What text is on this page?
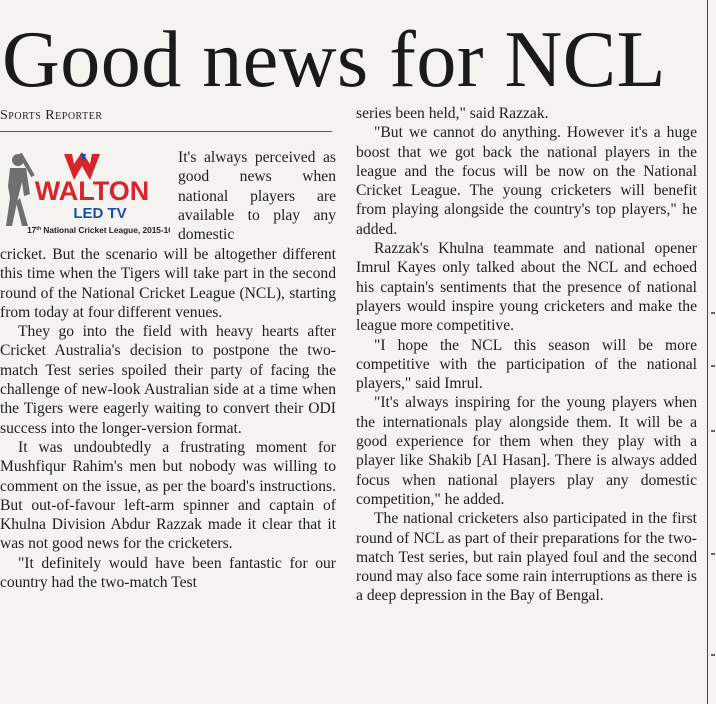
Good news for NCL
Sports Reporter
WALTON
LED TV
17th National Cricket League, 2015-16

It's always perceived as good news when national players are available to play any domestic

cricket. But the scenario will be altogether different this time when the Tigers will take part in the second round of the National Cricket League (NCL), starting from today at four different venues.

They go into the field with heavy hearts after Cricket Australia's decision to postpone the two-match Test series spoiled their party of facing the challenge of new-look Australian side at a time when the Tigers were eagerly waiting to convert their ODI success into the longer-version format.

It was undoubtedly a frustrating moment for Mushfiqur Rahim's men but nobody was willing to comment on the issue, as per the board's instructions. But out-of-favour left-arm spinner and captain of Khulna Division Abdur Razzak made it clear that it was not good news for the cricketers.

"It definitely would have been fantastic for our country had the two-match Test

series been held," said Razzak.

"But we cannot do anything. However it's a huge boost that we got back the national players in the league and the focus will be now on the National Cricket League. The young cricketers will benefit from playing alongside the country's top players," he added.

Razzak's Khulna teammate and national opener Imrul Kayes only talked about the NCL and echoed his captain's sentiments that the presence of national players would inspire young cricketers and make the league more competitive.

"I hope the NCL this season will be more competitive with the participation of the national players," said Imrul.

"It's always inspiring for the young players when the internationals play alongside them. It will be a good experience for them when they play with a player like Shakib [Al Hasan]. There is always added focus when national players play any domestic competition," he added.

The national cricketers also participated in the first round of NCL as part of their preparations for the two-match Test series, but rain played foul and the second round may also face some rain interruptions as there is a deep depression in the Bay of Bengal.
